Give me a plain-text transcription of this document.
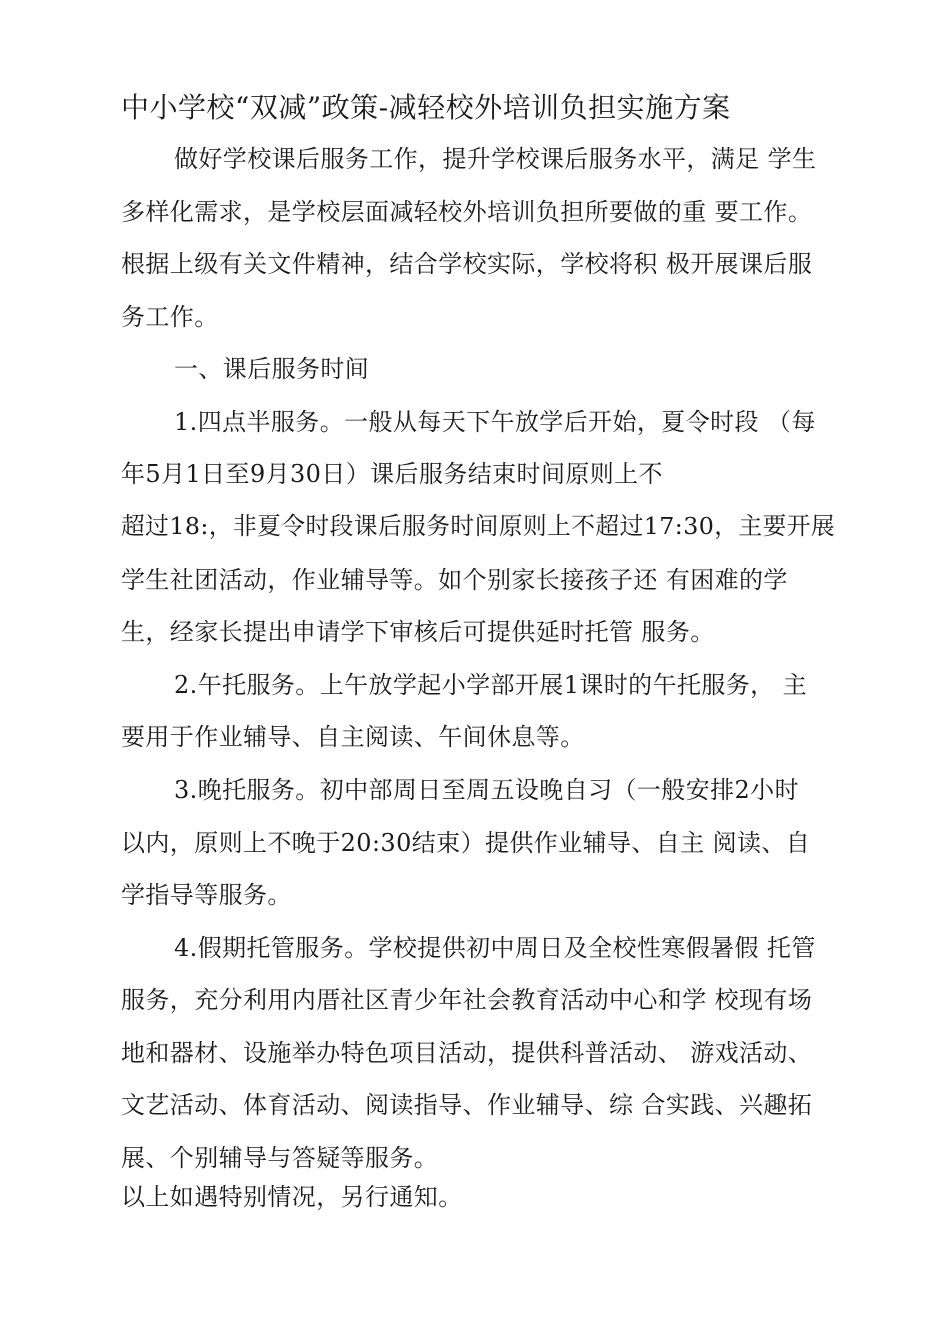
中小学校“双减”政策-减轻校外培训负担实施方案
做好学校课后服务工作，提升学校课后服务水平，满足 学生
多样化需求，是学校层面减轻校外培训负担所要做的重 要工作。
根据上级有关文件精神，结合学校实际，学校将积 极开展课后服
务工作。
一、课后服务时间
1.四点半服务。一般从每天下午放学后开始，夏令时段 （每
年5月1日至9月30日）课后服务结束时间原则上不
超过18:，非夏令时段课后服务时间原则上不超过17:30，主要开展
学生社团活动，作业辅导等。如个别家长接孩子还 有困难的学
生，经家长提出申请学下审核后可提供延时托管 服务。
2.午托服务。上午放学起小学部开展1课时的午托服务， 主
要用于作业辅导、自主阅读、午间休息等。
3.晚托服务。初中部周日至周五设晚自习（一般安排2小时
以内，原则上不晚于20:30结束）提供作业辅导、自主 阅读、自
学指导等服务。
4.假期托管服务。学校提供初中周日及全校性寒假暑假 托管
服务，充分利用内厝社区青少年社会教育活动中心和学 校现有场
地和器材、设施举办特色项目活动，提供科普活动、 游戏活动、
文艺活动、体育活动、阅读指导、作业辅导、综 合实践、兴趣拓
展、个别辅导与答疑等服务。
以上如遇特别情况，另行通知。
